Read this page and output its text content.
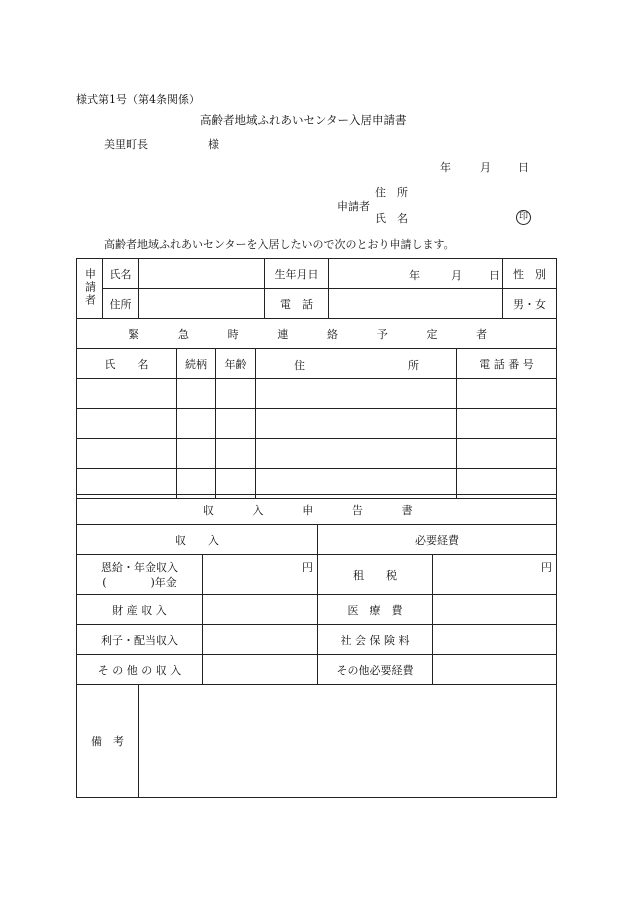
様式第1号（第4条関係）
高齢者地域ふれあいセンター入居申請書
美里町長	様
年	月 日
住　所
申請者
氏　名	印
高齢者地域ふれあいセンターを入居したいので次のとおり申請します。
申請者	氏名		生年月日	年 月 日	性　別
	住所		電　話		男・女
緊 急 時 連 絡 予 定 者				
氏　　名	続柄	年齢	住 所	電 話 番 号

収 入 申 告 書			
収　　入		必要経費	

恩給・年金収入
(　　　　)年金	円	租　　税	円
財 産 収 入		医　療　費	
利子・配当収入		社 会 保 険 料	
そ の 他 の 収 入		その他必要経費	
備　考	
